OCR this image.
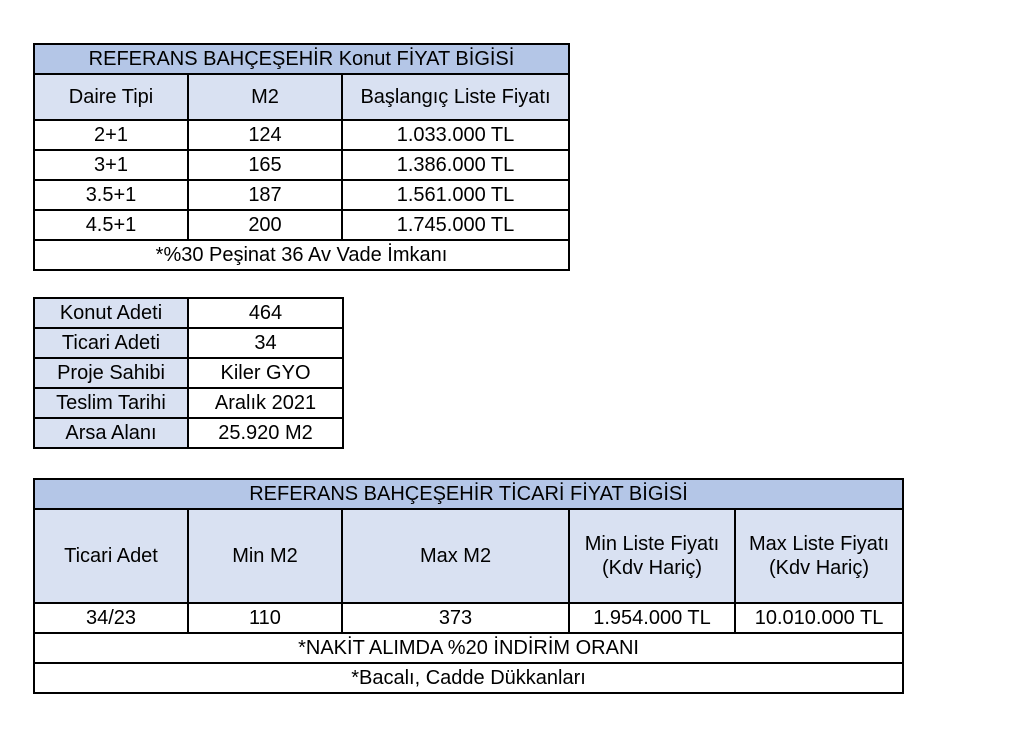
REFERANS BAHÇEŞEHİR Konut FİYAT BİGİSİ		
Daire Tipi	M2	Başlangıç Liste Fiyatı
2+1	124	1.033.000 TL
3+1	165	1.386.000 TL
3.5+1	187	1.561.000 TL
4.5+1	200	1.745.000 TL
*%30 Peşinat 36 Av Vade İmkanı		
Konut Adeti	464
Ticari Adeti	34
Proje Sahibi	Kiler GYO
Teslim Tarihi	Aralık 2021
Arsa Alanı	25.920 M2
REFERANS BAHÇEŞEHİR TİCARİ FİYAT BİGİSİ				
Ticari Adet	Min M2	Max M2	Min Liste Fiyatı (Kdv Hariç)	Max Liste Fiyatı (Kdv Hariç)
34/23	110	373	1.954.000 TL	10.010.000 TL
*NAKİT ALIMDA %20 İNDİRİM ORANI				
*Bacalı, Cadde Dükkanları				
